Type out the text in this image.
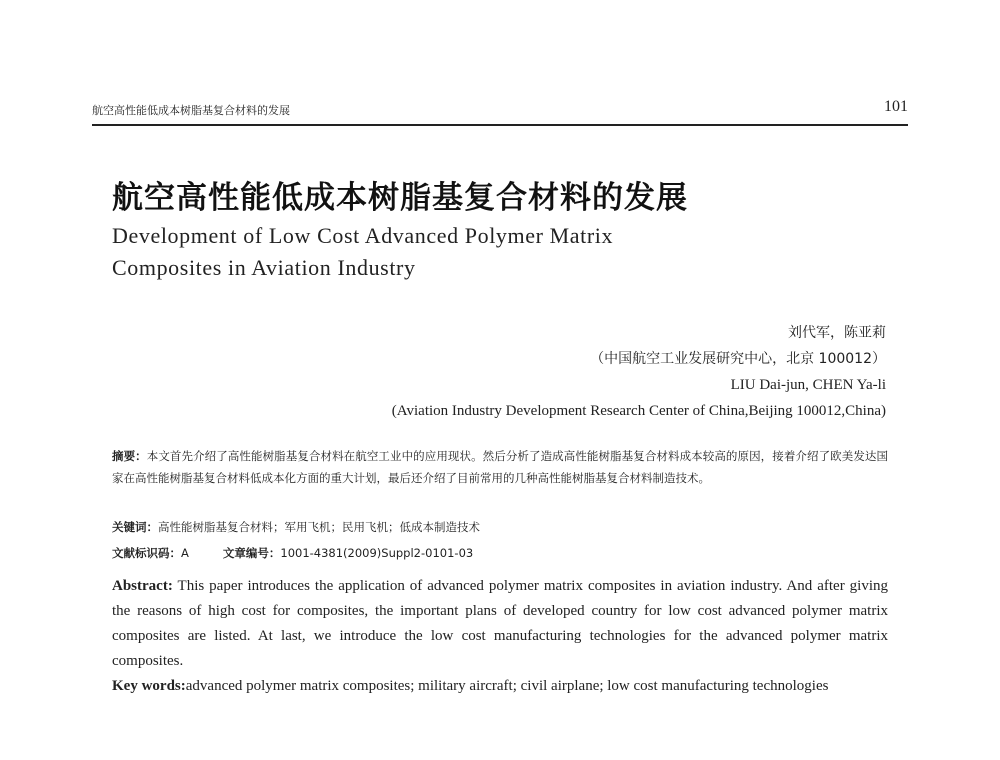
航空高性能低成本树脂基复合材料的发展	101
航空高性能低成本树脂基复合材料的发展
Development of Low Cost Advanced Polymer Matrix
Composites in Aviation Industry
刘代军，陈亚莉
（中国航空工业发展研究中心，北京 100012）
LIU Dai-jun, CHEN Ya-li
(Aviation Industry Development Research Center of China,Beijing 100012,China)
摘要：本文首先介绍了高性能树脂基复合材料在航空工业中的应用现状。然后分析了造成高性能树脂基复合材料成本较高的原因，接着介绍了欧美发达国家在高性能树脂基复合材料低成本化方面的重大计划，最后还介绍了目前常用的几种高性能树脂基复合材料制造技术。
关键词：高性能树脂基复合材料；军用飞机；民用飞机；低成本制造技术
文献标识码：A	文章编号：1001-4381(2009)Suppl2-0101-03
Abstract: This paper introduces the application of advanced polymer matrix composites in aviation industry. And after giving the reasons of high cost for composites, the important plans of developed country for low cost advanced polymer matrix composites are listed. At last, we introduce the low cost manufacturing technologies for the advanced polymer matrix composites.
Key words:advanced polymer matrix composites; military aircraft; civil airplane; low cost manufacturing technologies
